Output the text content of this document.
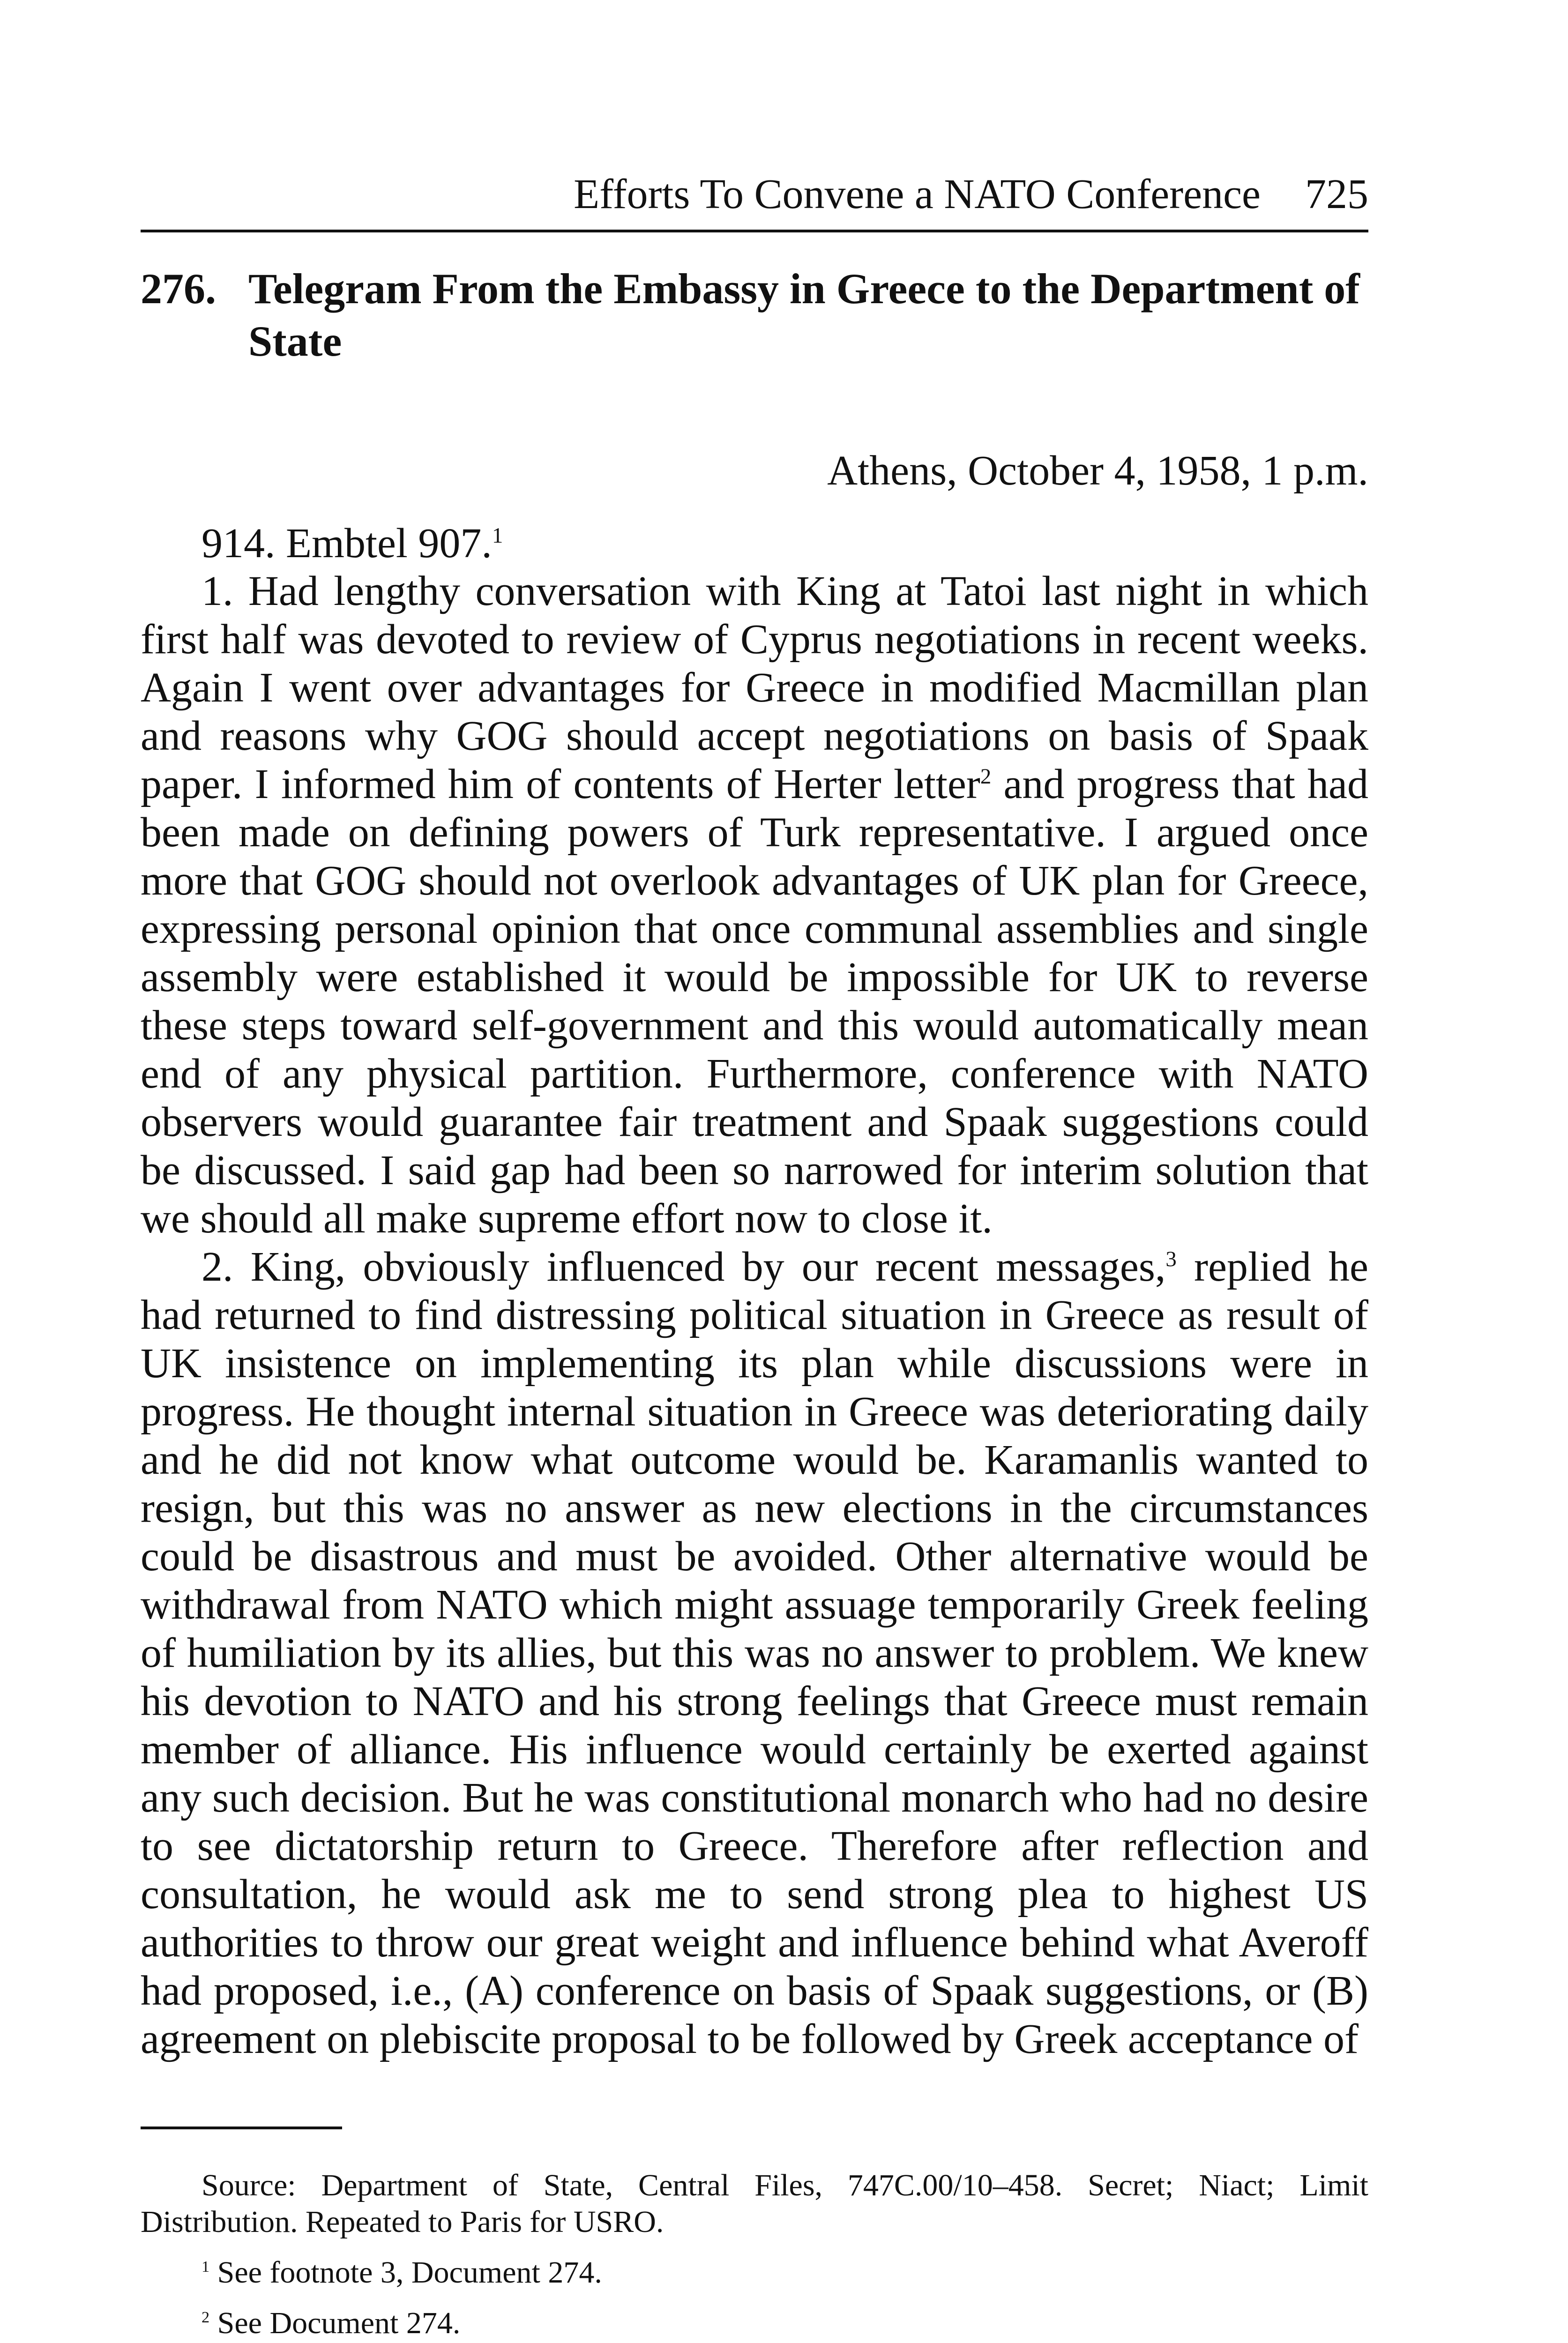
Efforts To Convene a NATO Conference 725
276. Telegram From the Embassy in Greece to the Department of State
Athens, October 4, 1958, 1 p.m.
914. Embtel 907.$^1$

1. Had lengthy conversation with King at Tatoi last night in which first half was devoted to review of Cyprus negotiations in recent weeks. Again I went over advantages for Greece in modified Macmillan plan and reasons why GOG should accept negotiations on basis of Spaak paper. I informed him of contents of Herter letter$^2$ and progress that had been made on defining powers of Turk representative. I argued once more that GOG should not overlook advantages of UK plan for Greece, expressing personal opinion that once communal assemblies and single assembly were established it would be impossible for UK to reverse these steps toward self-government and this would automatically mean end of any physical partition. Furthermore, conference with NATO observers would guarantee fair treatment and Spaak suggestions could be discussed. I said gap had been so narrowed for interim solution that we should all make supreme effort now to close it.

2. King, obviously influenced by our recent messages,$^3$ replied he had returned to find distressing political situation in Greece as result of UK insistence on implementing its plan while discussions were in progress. He thought internal situation in Greece was deteriorating daily and he did not know what outcome would be. Karamanlis wanted to resign, but this was no answer as new elections in the circumstances could be disastrous and must be avoided. Other alternative would be withdrawal from NATO which might assuage temporarily Greek feeling of humiliation by its allies, but this was no answer to problem. We knew his devotion to NATO and his strong feelings that Greece must remain member of alliance. His influence would certainly be exerted against any such decision. But he was constitutional monarch who had no desire to see dictatorship return to Greece. Therefore after reflection and consultation, he would ask me to send strong plea to highest US authorities to throw our great weight and influence behind what Averoff had proposed, i.e., (A) conference on basis of Spaak suggestions, or (B) agreement on plebiscite proposal to be followed by Greek acceptance of

Source: Department of State, Central Files, 747C.00/10–458. Secret; Niact; Limit Distribution. Repeated to Paris for USRO.

$^1$ See footnote 3, Document 274.

$^2$ See Document 274.
